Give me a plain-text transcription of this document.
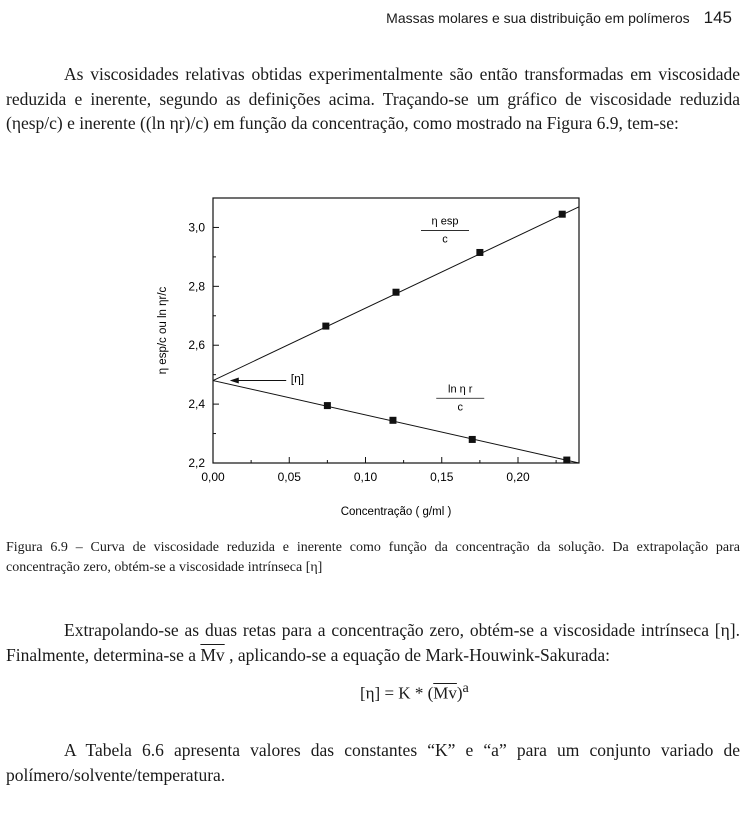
Massas molares e sua distribuição em polímeros 145
As viscosidades relativas obtidas experimentalmente são então transformadas em viscosidade reduzida e inerente, segundo as definições acima. Traçando-se um gráfico de viscosidade reduzida (ηesp/c) e inerente ((ln ηr)/c) em função da concentração, como mostrado na Figura 6.9, tem-se:
0,00	0,05	0,10	0,15	0,20
2,2
2,4
2,6
2,8
3,0
Concentração ( g/ml )
η esp/c ou ln ηr/c
η esp
c
ln η r
c
[η]
Figura 6.9 – Curva de viscosidade reduzida e inerente como função da concentração da solução. Da extrapolação para concentração zero, obtém-se a viscosidade intrínseca [η]
Extrapolando-se as duas retas para a concentração zero, obtém-se a viscosidade intrínseca [η]. Finalmente, determina-se a $\overline{Mv}$ , aplicando-se a equação de Mark-Houwink-Sakurada:
$[\eta] = K * (\overline{Mv})^a$
A Tabela 6.6 apresenta valores das constantes “K” e “a” para um conjunto variado de polímero/solvente/temperatura.
